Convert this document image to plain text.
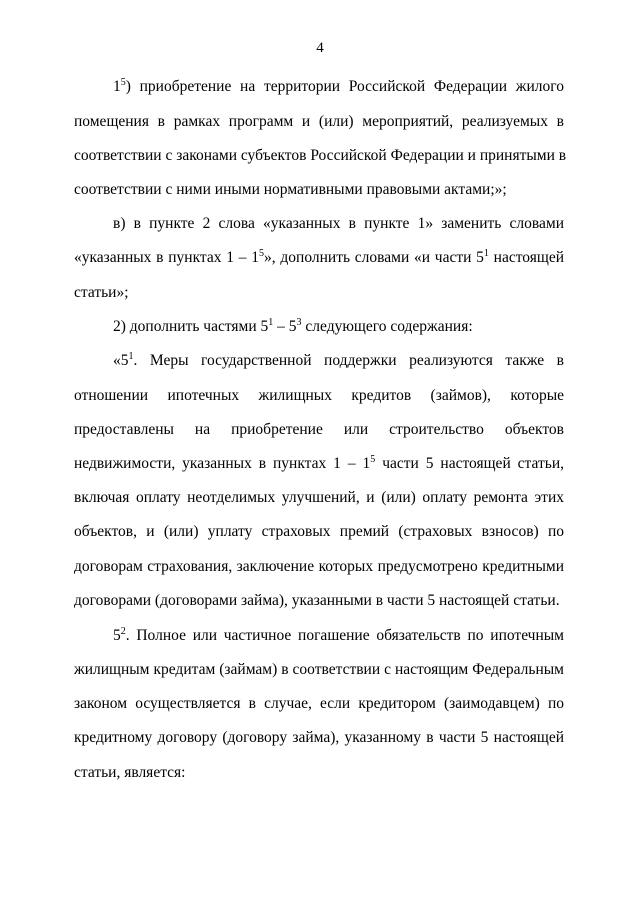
4
$1^5$) приобретение на территории Российской Федерации жилого
помещения в рамках программ и (или) мероприятий, реализуемых в
соответствии с законами субъектов Российской Федерации и принятыми в
соответствии с ними иными нормативными правовыми актами;»;
в) в пункте 2 слова «указанных в пункте 1» заменить словами
«указанных в пунктах $1 - 1^5$», дополнить словами «и части $5^1$ настоящей
статьи»;
2) дополнить частями $5^1 - 5^3$ следующего содержания:
«$5^1$. Меры государственной поддержки реализуются также в
отношении ипотечных жилищных кредитов (займов), которые
предоставлены на приобретение или строительство объектов
недвижимости, указанных в пунктах $1 - 1^5$ части 5 настоящей статьи,
включая оплату неотделимых улучшений, и (или) оплату ремонта этих
объектов, и (или) уплату страховых премий (страховых взносов) по
договорам страхования, заключение которых предусмотрено кредитными
договорами (договорами займа), указанными в части 5 настоящей статьи.
$5^2$. Полное или частичное погашение обязательств по ипотечным
жилищным кредитам (займам) в соответствии с настоящим Федеральным
законом осуществляется в случае, если кредитором (заимодавцем) по
кредитному договору (договору займа), указанному в части 5 настоящей
статьи, является:
